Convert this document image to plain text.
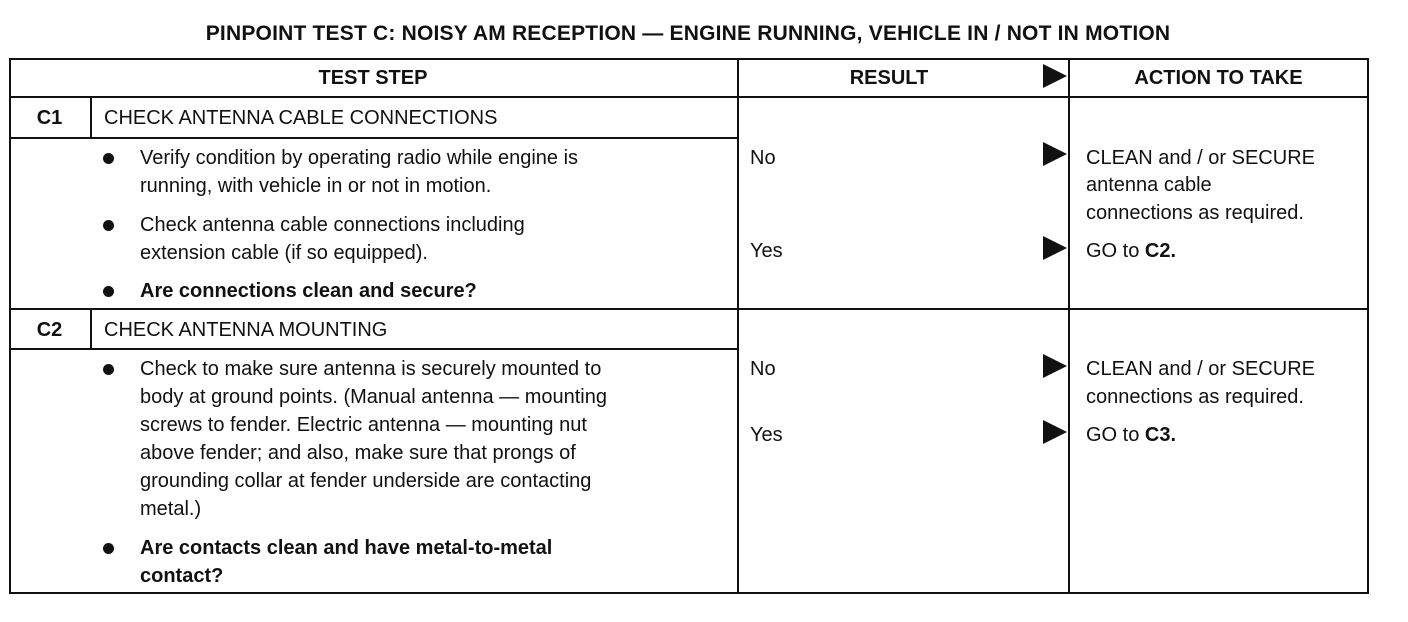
PINPOINT TEST C: NOISY AM RECEPTION — ENGINE RUNNING, VEHICLE IN / NOT IN MOTION
TEST STEP	RESULT	ACTION TO TAKE
C1	CHECK ANTENNA CABLE CONNECTIONS
Verify condition by operating radio while engine is
running, with vehicle in or not in motion.
Check antenna cable connections including
extension cable (if so equipped).
Are connections clean and secure?
No	CLEAN and / or SECURE
antenna cable
connections as required.
Yes	GO to C2.
C2	CHECK ANTENNA MOUNTING
Check to make sure antenna is securely mounted to
body at ground points. (Manual antenna — mounting
screws to fender. Electric antenna — mounting nut
above fender; and also, make sure that prongs of
grounding collar at fender underside are contacting
metal.)
Are contacts clean and have metal-to-metal
contact?
No	CLEAN and / or SECURE
connections as required.
Yes	GO to C3.
